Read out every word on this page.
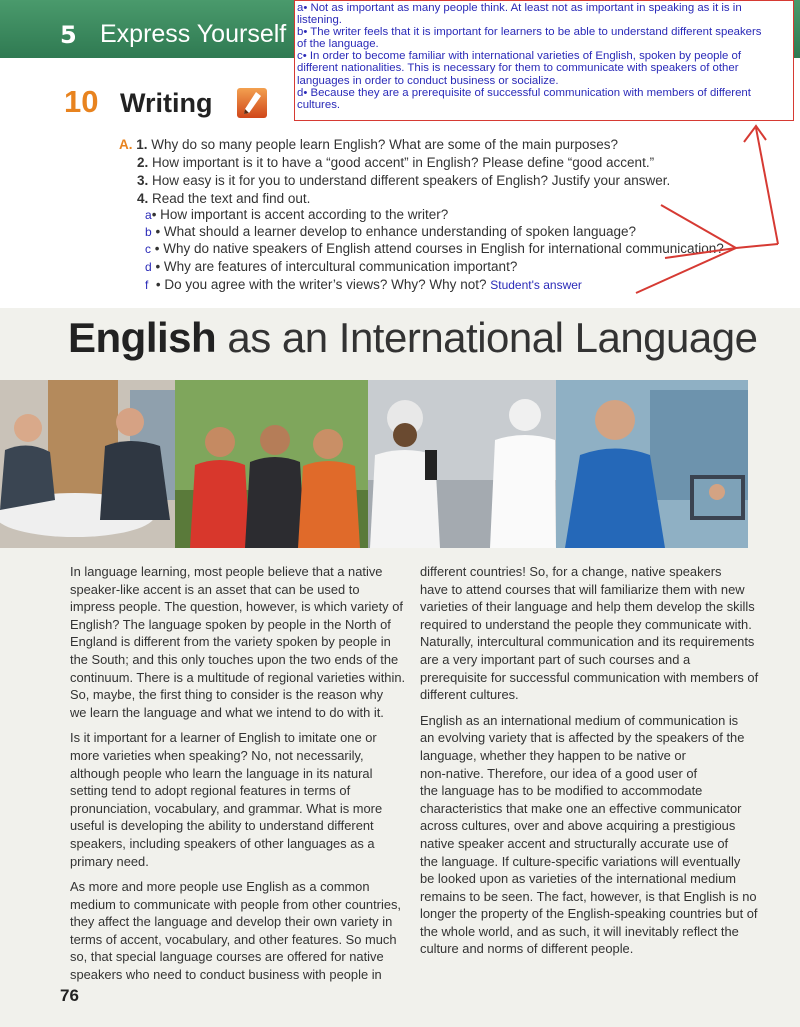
5 Express Yourself
a• Not as important as many people think. At least not as important in speaking as it is in
listening.
b• The writer feels that it is important for learners to be able to understand different speakers
of the language.
c• In order to become familiar with international varieties of English, spoken by people of
different nationalities. This is necessary for them to communicate with speakers of other
languages in order to conduct business or socialize.
d• Because they are a prerequisite of successful communication with members of different
cultures.
10 Writing
A. 1. Why do so many people learn English? What are some of the main purposes?
2. How important is it to have a “good accent” in English? Please define “good accent.”
3. How easy is it for you to understand different speakers of English? Justify your answer.
4. Read the text and find out.
a• How important is accent according to the writer?
b • What should a learner develop to enhance understanding of spoken language?
c • Why do native speakers of English attend courses in English for international communication?
d • Why are features of intercultural communication important?
f  • Do you agree with the writer’s views? Why? Why not? Student's answer
English as an International Language

In language learning, most people believe that a native
speaker-like accent is an asset that can be used to
impress people. The question, however, is which variety of
English? The language spoken by people in the North of
England is different from the variety spoken by people in
the South; and this only touches upon the two ends of the
continuum. There is a multitude of regional varieties within.
So, maybe, the first thing to consider is the reason why
we learn the language and what we intend to do with it.

Is it important for a learner of English to imitate one or
more varieties when speaking? No, not necessarily,
although people who learn the language in its natural
setting tend to adopt regional features in terms of
pronunciation, vocabulary, and grammar. What is more
useful is developing the ability to understand different
speakers, including speakers of other languages as a
primary need.

As more and more people use English as a common
medium to communicate with people from other countries,
they affect the language and develop their own variety in
terms of accent, vocabulary, and other features. So much
so, that special language courses are offered for native
speakers who need to conduct business with people in

different countries! So, for a change, native speakers
have to attend courses that will familiarize them with new
varieties of their language and help them develop the skills
required to understand the people they communicate with.
Naturally, intercultural communication and its requirements
are a very important part of such courses and a
prerequisite for successful communication with members of
different cultures.

English as an international medium of communication is
an evolving variety that is affected by the speakers of the
language, whether they happen to be native or
non-native. Therefore, our idea of a good user of
the language has to be modified to accommodate
characteristics that make one an effective communicator
across cultures, over and above acquiring a prestigious
native speaker accent and structurally accurate use of
the language. If culture-specific variations will eventually
be looked upon as varieties of the international medium
remains to be seen. The fact, however, is that English is no
longer the property of the English-speaking countries but of
the whole world, and as such, it will inevitably reflect the
culture and norms of different people.

76
